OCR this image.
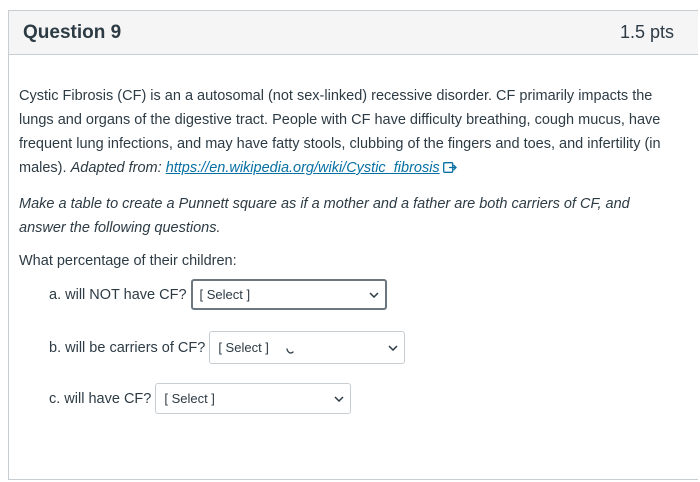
Question 9	1.5 pts

Cystic Fibrosis (CF) is an a autosomal (not sex-linked) recessive disorder. CF primarily impacts the lungs and organs of the digestive tract. People with CF have difficulty breathing, cough mucus, have frequent lung infections, and may have fatty stools, clubbing of the fingers and toes, and infertility (in males). Adapted from: https://en.wikipedia.org/wiki/Cystic_fibrosis

Make a table to create a Punnett square as if a mother and a father are both carriers of CF, and answer the following questions.

What percentage of their children:

a. will NOT have CF? [ Select ]
b. will be carriers of CF? [ Select ]
c. will have CF? [ Select ]
